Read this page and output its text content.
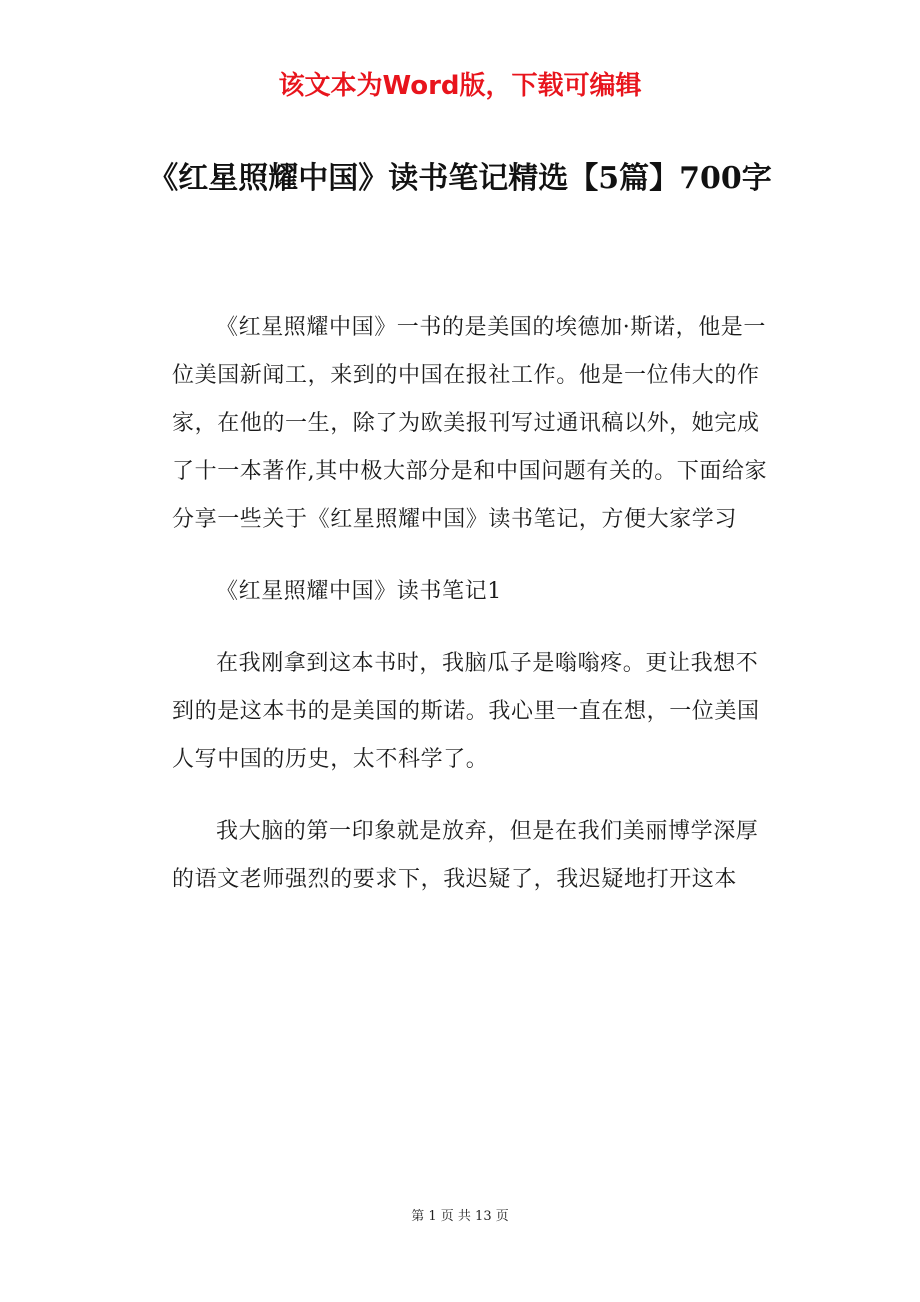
该文本为Word版，下载可编辑
《红星照耀中国》读书笔记精选【5篇】700字

《红星照耀中国》一书的是美国的埃德加·斯诺，他是一位美国新闻工，来到的中国在报社工作。他是一位伟大的作家，在他的一生，除了为欧美报刊写过通讯稿以外，她完成了十一本著作,其中极大部分是和中国问题有关的。下面给家分享一些关于《红星照耀中国》读书笔记，方便大家学习

《红星照耀中国》读书笔记1

在我刚拿到这本书时，我脑瓜子是嗡嗡疼。更让我想不到的是这本书的是美国的斯诺。我心里一直在想，一位美国人写中国的历史，太不科学了。

我大脑的第一印象就是放弃，但是在我们美丽博学深厚的语文老师强烈的要求下，我迟疑了，我迟疑地打开这本

第 1 页 共 13 页
